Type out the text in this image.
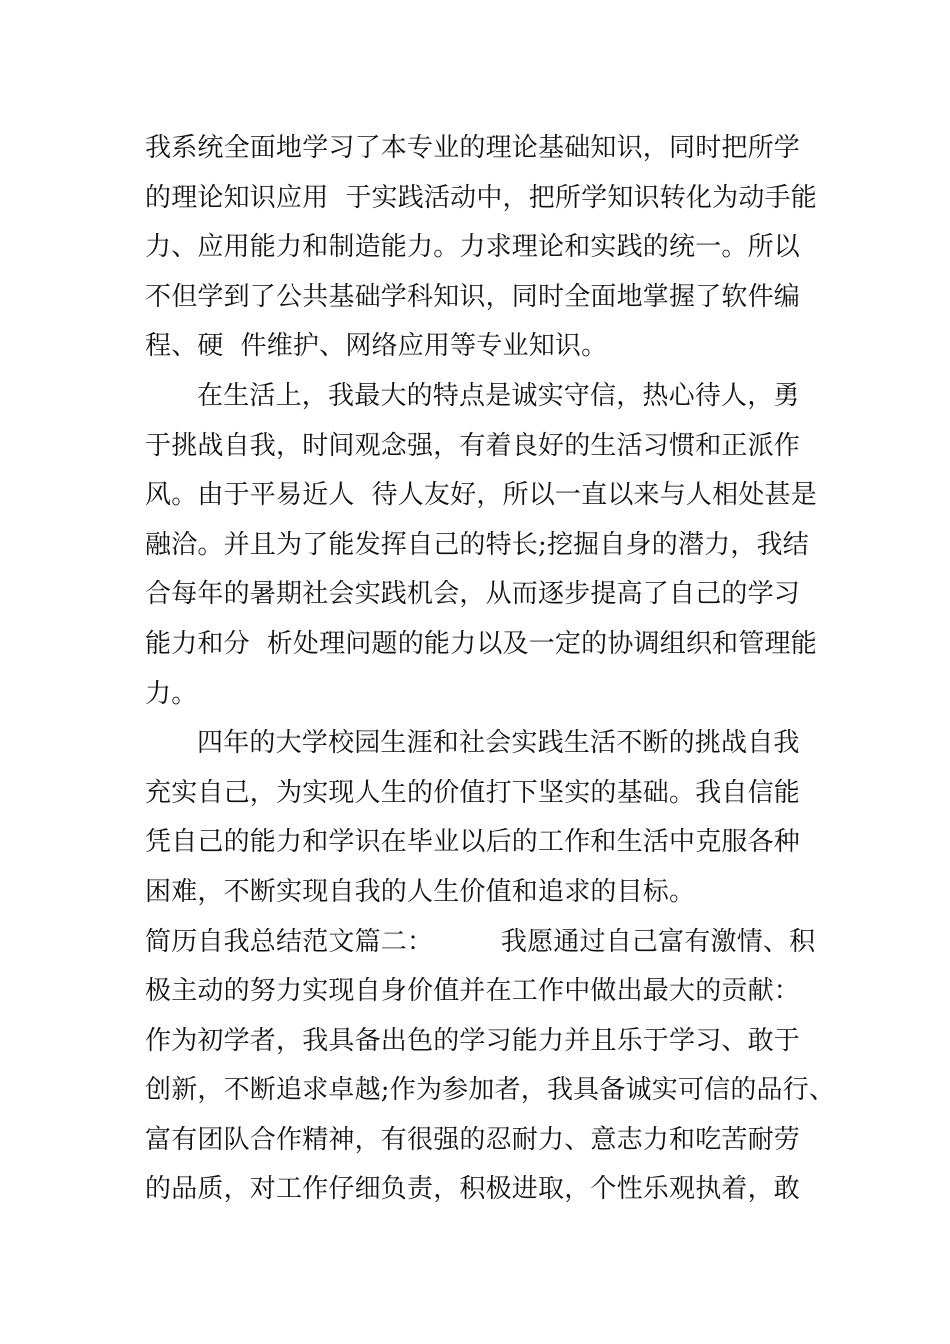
我系统全面地学习了本专业的理论基础知识，同时把所学
的理论知识应用  于实践活动中，把所学知识转化为动手能
力、应用能力和制造能力。力求理论和实践的统一。所以
不但学到了公共基础学科知识，同时全面地掌握了软件编
程、硬  件维护、网络应用等专业知识。

在生活上，我最大的特点是诚实守信，热心待人，勇
于挑战自我，时间观念强，有着良好的生活习惯和正派作
风。由于平易近人  待人友好，所以一直以来与人相处甚是
融洽。并且为了能发挥自己的特长;挖掘自身的潜力，我结
合每年的暑期社会实践机会，从而逐步提高了自己的学习
能力和分  析处理问题的能力以及一定的协调组织和管理能
力。

四年的大学校园生涯和社会实践生活不断的挑战自我
充实自己，为实现人生的价值打下坚实的基础。我自信能
凭自己的能力和学识在毕业以后的工作和生活中克服各种
困难，不断实现自我的人生价值和追求的目标。

简历自我总结范文篇二：        我愿通过自己富有激情、积
极主动的努力实现自身价值并在工作中做出最大的贡献：
作为初学者，我具备出色的学习能力并且乐于学习、敢于
创新，不断追求卓越;作为参加者，我具备诚实可信的品行、
富有团队合作精神，有很强的忍耐力、意志力和吃苦耐劳
的品质，对工作仔细负责，积极进取，个性乐观执着，敢
